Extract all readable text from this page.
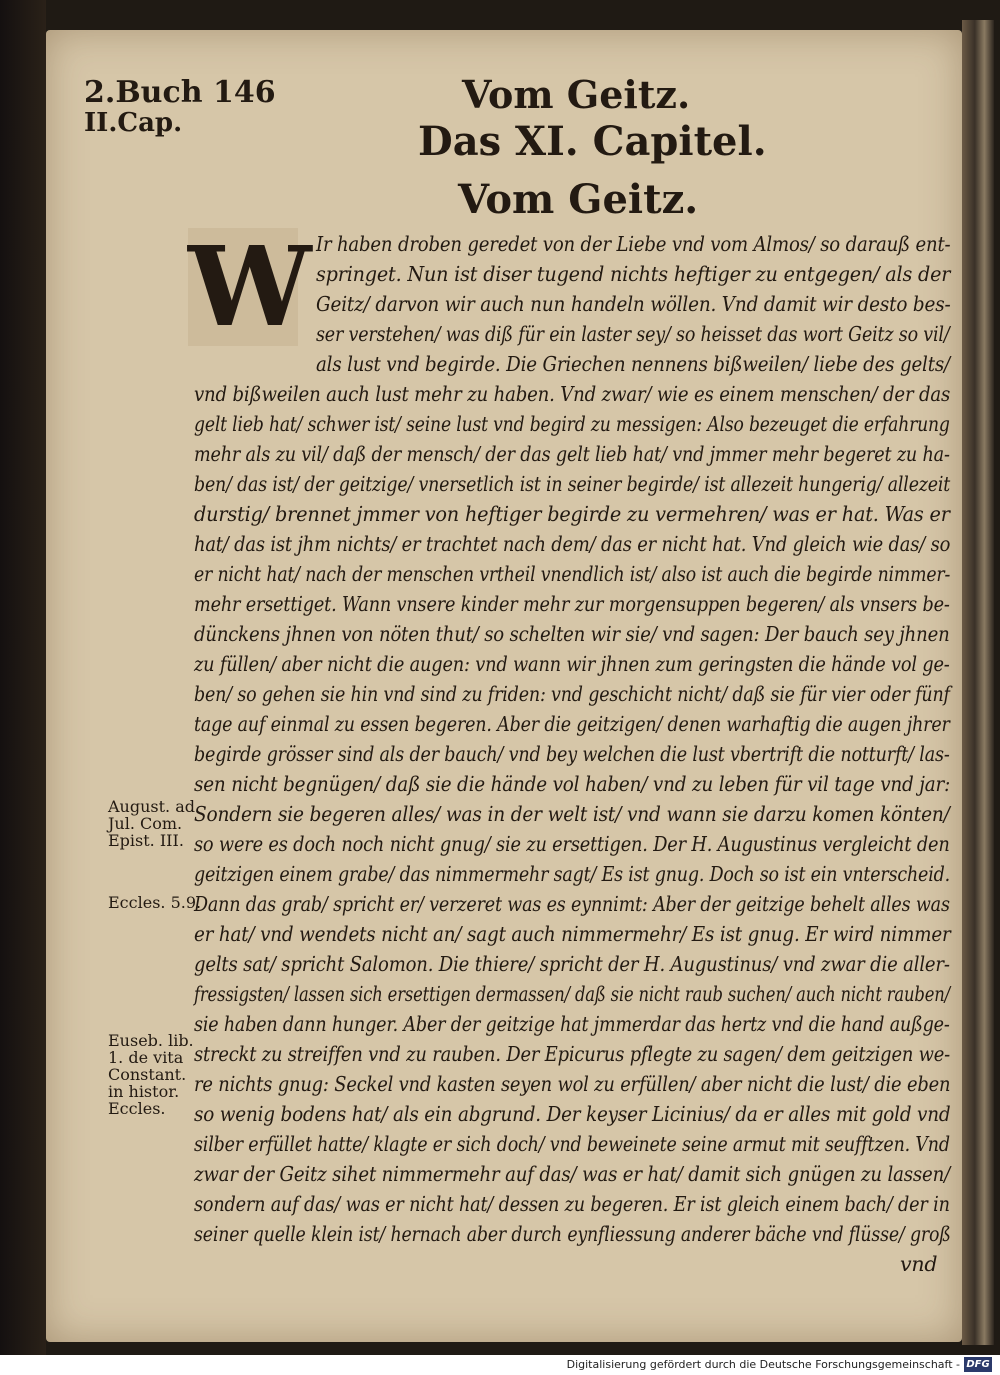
2.Buch 146
II.Cap.
Vom Geitz.
Das XI. Capitel.
Vom Geitz.
W Ir haben droben geredet von der Liebe vnd vom Almos/ so darauß ent-
springet. Nun ist diser tugend nichts heftiger zu entgegen/ als der
Geitz/ darvon wir auch nun handeln wöllen. Vnd damit wir desto bes-
ser verstehen/ was diß für ein laster sey/ so heisset das wort Geitz so vil/
als lust vnd begirde. Die Griechen nennens bißweilen/ liebe des gelts/
vnd bißweilen auch lust mehr zu haben. Vnd zwar/ wie es einem menschen/ der das
gelt lieb hat/ schwer ist/ seine lust vnd begird zu messigen: Also bezeuget die erfahrung
mehr als zu vil/ daß der mensch/ der das gelt lieb hat/ vnd jmmer mehr begeret zu ha-
ben/ das ist/ der geitzige/ vnersetlich ist in seiner begirde/ ist allezeit hungerig/ allezeit
durstig/ brennet jmmer von heftiger begirde zu vermehren/ was er hat. Was er
hat/ das ist jhm nichts/ er trachtet nach dem/ das er nicht hat. Vnd gleich wie das/ so
er nicht hat/ nach der menschen vrtheil vnendlich ist/ also ist auch die begirde nimmer-
mehr ersettiget. Wann vnsere kinder mehr zur morgensuppen begeren/ als vnsers be-
dünckens jhnen von nöten thut/ so schelten wir sie/ vnd sagen: Der bauch sey jhnen
zu füllen/ aber nicht die augen: vnd wann wir jhnen zum geringsten die hände vol ge-
ben/ so gehen sie hin vnd sind zu friden: vnd geschicht nicht/ daß sie für vier oder fünf
tage auf einmal zu essen begeren. Aber die geitzigen/ denen warhaftig die augen jhrer
begirde grösser sind als der bauch/ vnd bey welchen die lust vbertrift die notturft/ las-
sen nicht begnügen/ daß sie die hände vol haben/ vnd zu leben für vil tage vnd jar:
Sondern sie begeren alles/ was in der welt ist/ vnd wann sie darzu komen könten/
so were es doch noch nicht gnug/ sie zu ersettigen. Der H. Augustinus vergleicht den
geitzigen einem grabe/ das nimmermehr sagt/ Es ist gnug. Doch so ist ein vnterscheid.
Dann das grab/ spricht er/ verzeret was es eynnimt: Aber der geitzige behelt alles was
er hat/ vnd wendets nicht an/ sagt auch nimmermehr/ Es ist gnug. Er wird nimmer
gelts sat/ spricht Salomon. Die thiere/ spricht der H. Augustinus/ vnd zwar die aller-
fressigsten/ lassen sich ersettigen dermassen/ daß sie nicht raub suchen/ auch nicht rauben/
sie haben dann hunger. Aber der geitzige hat jmmerdar das hertz vnd die hand außge-
streckt zu streiffen vnd zu rauben. Der Epicurus pflegte zu sagen/ dem geitzigen we-
re nichts gnug: Seckel vnd kasten seyen wol zu erfüllen/ aber nicht die lust/ die eben
so wenig bodens hat/ als ein abgrund. Der keyser Licinius/ da er alles mit gold vnd
silber erfüllet hatte/ klagte er sich doch/ vnd beweinete seine armut mit seufftzen. Vnd
zwar der Geitz sihet nimmermehr auf das/ was er hat/ damit sich gnügen zu lassen/
sondern auf das/ was er nicht hat/ dessen zu begeren. Er ist gleich einem bach/ der in
seiner quelle klein ist/ hernach aber durch eynfliessung anderer bäche vnd flüsse/ groß
vnd
August. ad Jul. Com. Epist. III.
Eccles. 5.9.
Euseb. lib. 1. de vita Constant. in histor. Eccles.
Digitalisierung gefördert durch die Deutsche Forschungsgemeinschaft - DFG
